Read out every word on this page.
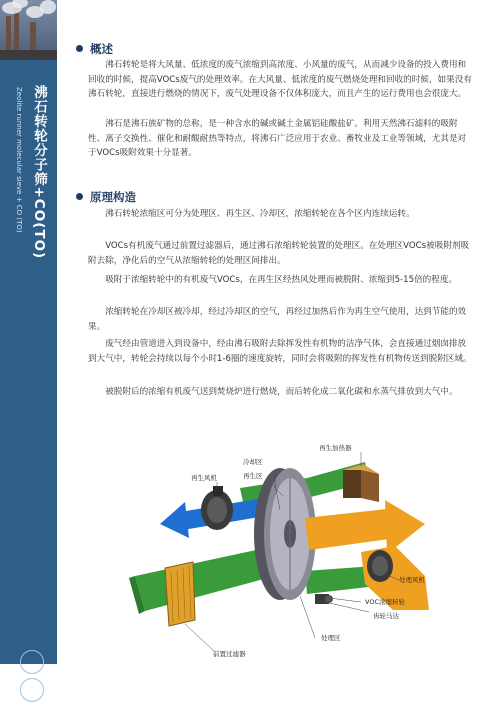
沸石转轮分子筛+CO(TO)
Zeolite runner molecular sieve + CO (TO)
概述

沸石转轮是将大风量、低浓度的废气浓缩到高浓度、小风量的废气，从而减少设备的投入费用和回收的时候，提高VOCs废气的处理效率。在大风量、低浓度的废气燃烧处理和回收的时候，如果没有沸石转轮，直接进行燃烧的情况下，废气处理设备不仅体积庞大，而且产生的运行费用也会很庞大。

沸石是沸石族矿物的总称，是一种含水的碱或碱土金属铝硅酸盐矿。利用天然沸石滤料的吸附性、离子交换性、催化和耐酸耐热等特点，将沸石广泛应用于农业、畜牧业及工业等领域，尤其是对于VOCs吸附效果十分显著。

原理构造

沸石转轮浓缩区可分为处理区、再生区、冷却区，浓缩转轮在各个区内连续运转。

VOCs有机废气通过前置过滤器后，通过沸石浓缩转轮装置的处理区。在处理区VOCs被吸附剂吸附去除，净化后的空气从浓缩转轮的处理区间排出。

吸附于浓缩转轮中的有机废气VOCs，在再生区经热风处理而被脱附、浓缩到5-15倍的程度。

浓缩转轮在冷却区被冷却，经过冷却区的空气，再经过加热后作为再生空气使用，达到节能的效果。

废气经由管道进入到设备中，经由沸石吸附去除挥发性有机物的洁净气体，会直接通过烟囱排放到大气中，转轮会持续以每个小时1-6圈的速度旋转，同时会将吸附的挥发性有机物传送到脱附区域。

被脱附后的浓缩有机废气送到焚烧炉进行燃烧，而后转化成二氧化碳和水蒸气排放到大气中。

再生加热器
冷却区
再生区
再生风机
处理风机
VOC浓缩转轮
齿轮马达
处理区
前置过滤器
